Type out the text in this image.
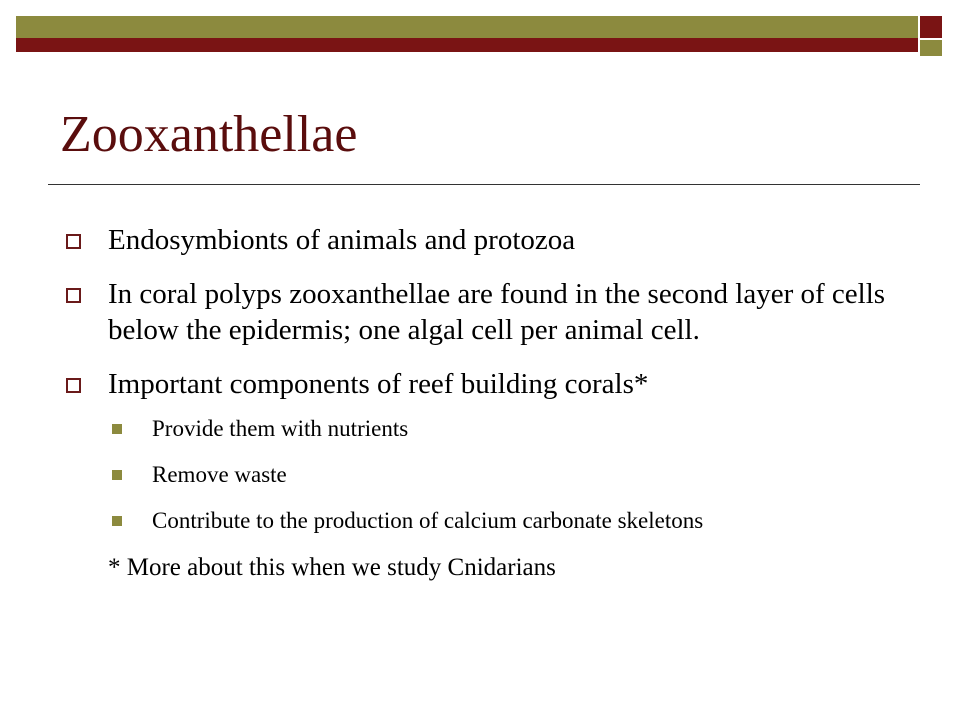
Zooxanthellae
Endosymbionts of animals and protozoa
In coral polyps zooxanthellae are found in the second layer of cells below the epidermis; one algal cell per animal cell.
Important components of reef building corals*
Provide them with nutrients
Remove waste
Contribute to the production of calcium carbonate skeletons
* More about this when we study Cnidarians
